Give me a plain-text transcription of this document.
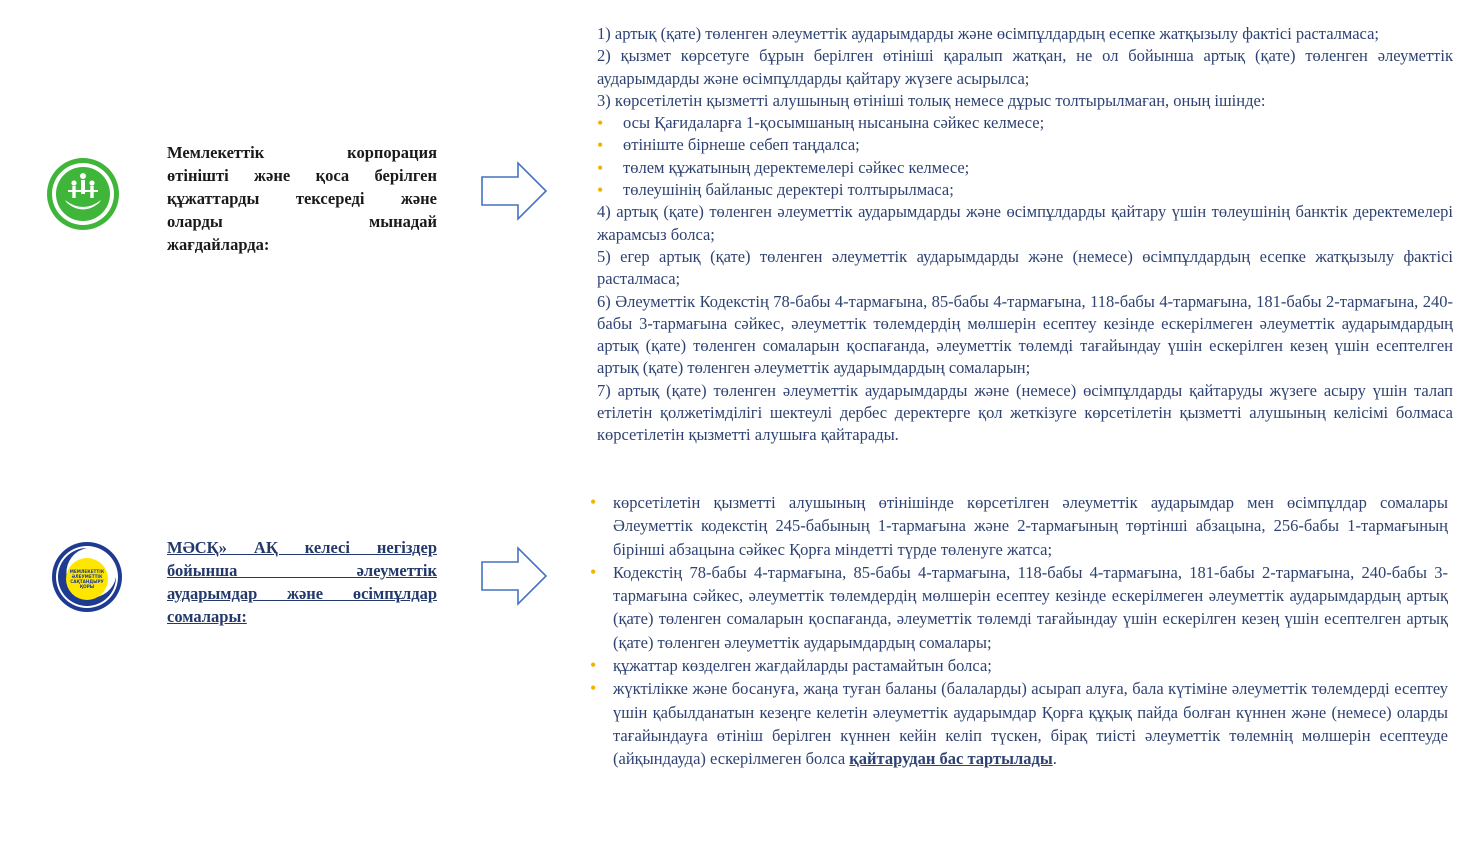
Мемлекеттік корпорация
өтінішті және қоса берілген
құжаттарды тексереді және
оларды мынадай
жағдайларда:

1) артық (қате) төленген әлеуметтік аударымдарды және өсімпұлдардың есепке жатқызылу фактісі расталмаса;

2) қызмет көрсетуге бұрын берілген өтініші қаралып жатқан, не ол бойынша артық (қате) төленген әлеуметтік аударымдарды және өсімпұлдарды қайтару жүзеге асырылса;

3) көрсетілетін қызметті алушының өтініші толық немесе дұрыс толтырылмаған, оның ішінде:

• осы Қағидаларға 1-қосымшаның нысанына сәйкес келмесе;

• өтініште бірнеше себеп таңдалса;

• төлем құжатының деректемелері сәйкес келмесе;

• төлеушінің байланыс деректері толтырылмаса;

4) артық (қате) төленген әлеуметтік аударымдарды және өсімпұлдарды қайтару үшін төлеушінің банктік деректемелері жарамсыз болса;

5) егер артық (қате) төленген әлеуметтік аударымдарды және (немесе) өсімпұлдардың есепке жатқызылу фактісі расталмаса;

6) Әлеуметтік Кодекстің 78-бабы 4-тармағына, 85-бабы 4-тармағына, 118-бабы 4-тармағына, 181-бабы 2-тармағына, 240-бабы 3-тармағына сәйкес, әлеуметтік төлемдердің мөлшерін есептеу кезінде ескерілмеген әлеуметтік аударымдардың артық (қате) төленген сомаларын қоспағанда, әлеуметтік төлемді тағайындау үшін ескерілген кезең үшін есептелген артық (қате) төленген әлеуметтік аударымдардың сомаларын;

7) артық (қате) төленген әлеуметтік аударымдарды және (немесе) өсімпұлдарды қайтаруды жүзеге асыру үшін талап етілетін қолжетімділігі шектеулі дербес деректерге қол жеткізуге көрсетілетін қызметті алушының келісімі болмаса көрсетілетін қызметті алушыға қайтарады.

МЕМЛЕКЕТТІК
ӘЛЕУМЕТТІК
САҚТАНДЫРУ
ҚОРЫ
МӘСҚ» АҚ келесі негіздер
бойынша әлеуметтік
аударымдар және өсімпұлдар
сомалары:

• көрсетілетін қызметті алушының өтінішінде көрсетілген әлеуметтік аударымдар мен өсімпұлдар сомалары Әлеуметтік кодекстің 245-бабының 1-тармағына және 2-тармағының төртінші абзацына, 256-бабы 1-тармағының бірінші абзацына сәйкес Қорға міндетті түрде төленуге жатса;

• Кодекстің 78-бабы 4-тармағына, 85-бабы 4-тармағына, 118-бабы 4-тармағына, 181-бабы 2-тармағына, 240-бабы 3-тармағына сәйкес, әлеуметтік төлемдердің мөлшерін есептеу кезінде ескерілмеген әлеуметтік аударымдардың артық (қате) төленген сомаларын қоспағанда, әлеуметтік төлемді тағайындау үшін ескерілген кезең үшін есептелген артық (қате) төленген әлеуметтік аударымдардың сомалары;

• құжаттар көзделген жағдайларды растамайтын болса;

• жүктілікке және босануға, жаңа туған баланы (балаларды) асырап алуға, бала күтіміне әлеуметтік төлемдерді есептеу үшін қабылданатын кезеңге келетін әлеуметтік аударымдар Қорға құқық пайда болған күннен және (немесе) оларды тағайындауға өтініш берілген күннен кейін келіп түскен, бірақ тиісті әлеуметтік төлемнің мөлшерін есептеуде (айқындауда) ескерілмеген болса қайтарудан бас тартылады.
